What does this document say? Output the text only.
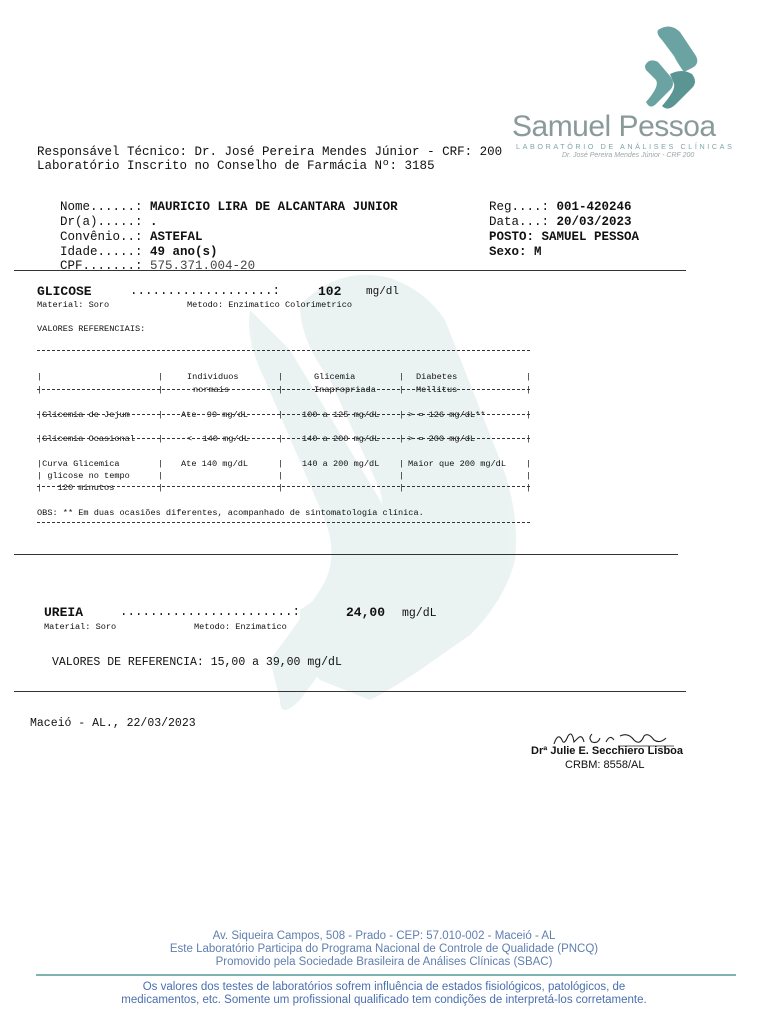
Samuel Pessoa
LABORATÓRIO DE ANÁLISES CLÍNICAS
Dr. José Pereira Mendes Júnior - CRF 200
Responsável Técnico: Dr. José Pereira Mendes Júnior - CRF: 200
Laboratório Inscrito no Conselho de Farmácia Nº: 3185

Nome......: MAURICIO LIRA DE ALCANTARA JUNIOR

Dr(a).....: .

Convênio..: ASTEFAL

Idade.....: 49 ano(s)

CPF.......: 575.371.004-20

Reg....: 001-420246

Data...: 20/03/2023

POSTO: SAMUEL PESSOA

Sexo: M

GLICOSE	...................:	102 mg/dl
Material: Soro	Metodo: Enzimatico Colorimetrico
VALORES REFERENCIAIS:

|	|	Individuos	|	Glicemia	| Diabetes	|

|	|	normais	|	Inapropriada	| Mellitus	|

|Glicemia de Jejum	| Ate  99 mg/dL	| 100 a 125 mg/dL | > = 126 mg/dL**	|

|Glicemia Ocasional	|	<  140 mg/dL	| 140 a 200 mg/dL | > = 200 mg/dL	|

|Curva Glicemica	| Ate 140 mg/dL	| 140 a 200 mg/dL | Maior que 200 mg/dL |

| glicose no tempo	|	|	|	|

|   120 minutos	|	|	|	|

OBS: ** Em duas ocasiões diferentes, acompanhado de sintomatologia clínica.
UREIA	.......................:	24,00 mg/dL
Material: Soro	Metodo: Enzimatico
VALORES DE REFERENCIA: 15,00 a 39,00 mg/dL
Maceió - AL., 22/03/2023
Drª Julie E. Secchiero Lisboa
CRBM: 8558/AL
Av. Siqueira Campos, 508 - Prado - CEP: 57.010-002 - Maceió - AL
Este Laboratório Participa do Programa Nacional de Controle de Qualidade (PNCQ)
Promovido pela Sociedade Brasileira de Análises Clínicas (SBAC)
Os valores dos testes de laboratórios sofrem influência de estados fisiológicos, patológicos, de
medicamentos, etc. Somente um profissional qualificado tem condições de interpretá-los corretamente.
